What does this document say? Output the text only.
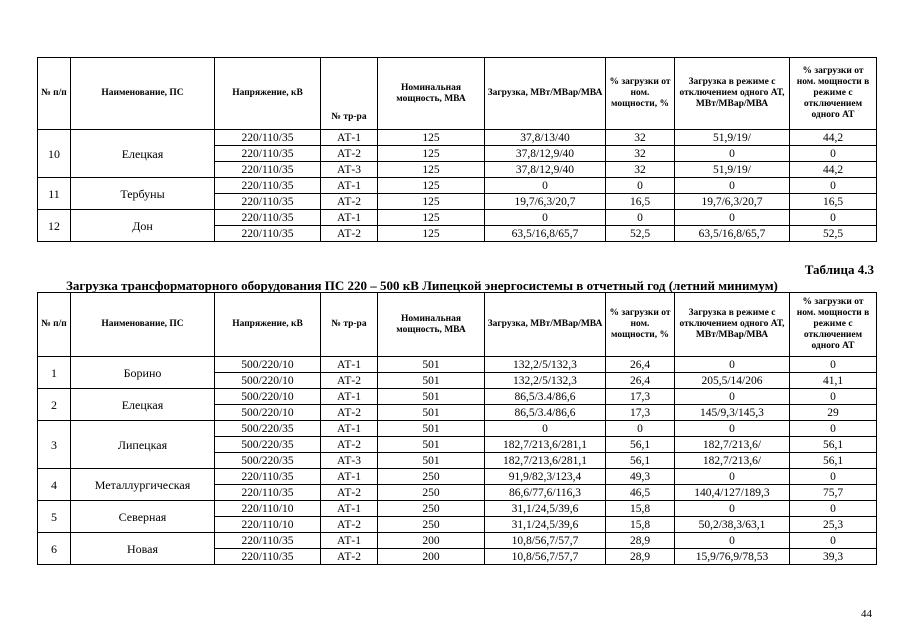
№ п/п	Наименование, ПС	Напряжение, кВ	№ тр-ра	Номинальная мощность, МВА	Загрузка, МВт/МВар/МВА	% загрузки от ном. мощности, %	Загрузка в режиме с отключением одного АТ, МВт/МВар/МВА	% загрузки от ном. мощности в режиме с отключением одного АТ
10	Елецкая	220/110/35	АТ-1	125	37,8/13/40	32	51,9/19/	44,2
		220/110/35	АТ-2	125	37,8/12,9/40	32	0	0
		220/110/35	АТ-3	125	37,8/12,9/40	32	51,9/19/	44,2
11	Тербуны	220/110/35	АТ-1	125	0	0	0	0
		220/110/35	АТ-2	125	19,7/6,3/20,7	16,5	19,7/6,3/20,7	16,5
12	Дон	220/110/35	АТ-1	125	0	0	0	0
		220/110/35	АТ-2	125	63,5/16,8/65,7	52,5	63,5/16,8/65,7	52,5
Таблица 4.3
Загрузка трансформаторного оборудования ПС 220 – 500 кВ Липецкой энергосистемы в отчетный год (летний минимум)
№ п/п	Наименование, ПС	Напряжение, кВ	№ тр-ра	Номинальная мощность, МВА	Загрузка, МВт/МВар/МВА	% загрузки от ном. мощности, %	Загрузка в режиме с отключением одного АТ, МВт/МВар/МВА	% загрузки от ном. мощности в режиме с отключением одного АТ
1	Борино	500/220/10	АТ-1	501	132,2/5/132,3	26,4	0	0
		500/220/10	АТ-2	501	132,2/5/132,3	26,4	205,5/14/206	41,1
2	Елецкая	500/220/10	АТ-1	501	86,5/3.4/86,6	17,3	0	0
		500/220/10	АТ-2	501	86,5/3.4/86,6	17,3	145/9,3/145,3	29
3	Липецкая	500/220/35	АТ-1	501	0	0	0	0
		500/220/35	АТ-2	501	182,7/213,6/281,1	56,1	182,7/213,6/	56,1
		500/220/35	АТ-3	501	182,7/213,6/281,1	56,1	182,7/213,6/	56,1
4	Металлургическая	220/110/35	АТ-1	250	91,9/82,3/123,4	49,3	0	0
		220/110/35	АТ-2	250	86,6/77,6/116,3	46,5	140,4/127/189,3	75,7
5	Северная	220/110/10	АТ-1	250	31,1/24,5/39,6	15,8	0	0
		220/110/10	АТ-2	250	31,1/24,5/39,6	15,8	50,2/38,3/63,1	25,3
6	Новая	220/110/35	АТ-1	200	10,8/56,7/57,7	28,9	0	0
		220/110/35	АТ-2	200	10,8/56,7/57,7	28,9	15,9/76,9/78,53	39,3
44
